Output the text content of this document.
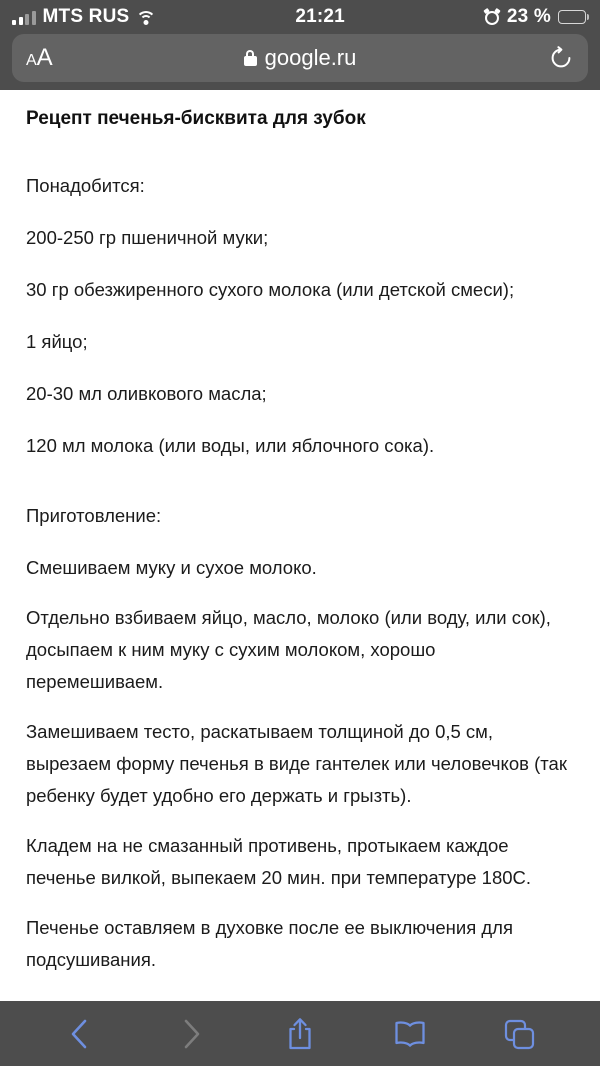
MTS RUS	21:21	23 %
A A	google.ru
Рецепт печенья-бисквита для зубок
Понадобится:
200-250 гр пшеничной муки;
30 гр обезжиренного сухого молока (или детской смеси);
1 яйцо;
20-30 мл оливкового масла;
120 мл молока (или воды, или яблочного сока).
Приготовление:
Смешиваем муку и сухое молоко.
Отдельно взбиваем яйцо, масло, молоко (или воду, или сок), досыпаем к ним муку с сухим молоком, хорошо перемешиваем.
Замешиваем тесто, раскатываем толщиной до 0,5 см, вырезаем форму печенья в виде гантелек или человечков (так ребенку будет удобно его держать и грызть).
Кладем на не смазанный противень, протыкаем каждое печенье вилкой, выпекаем 20 мин. при температуре 180С.
Печенье оставляем в духовке после ее выключения для подсушивания.
